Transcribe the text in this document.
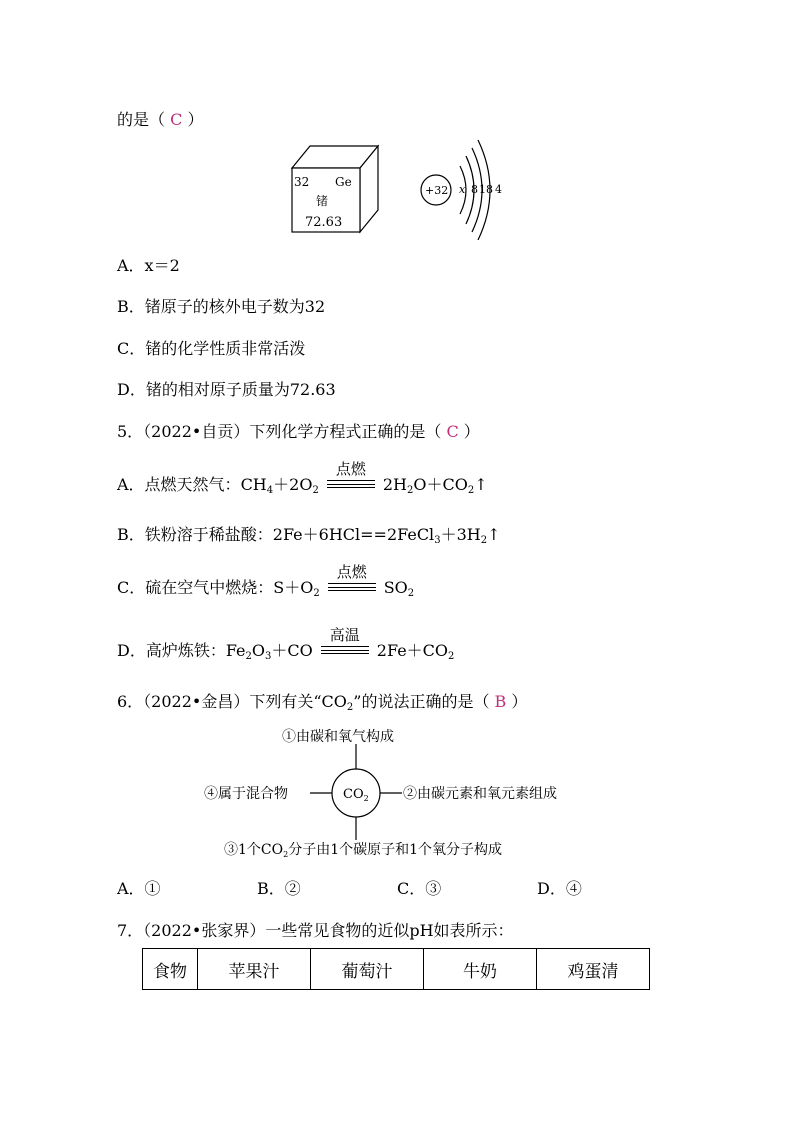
的是（ C ）
32 Ge
锗
72.63
+32 x 8 18 4
A．x＝2
B．锗原子的核外电子数为32
C．锗的化学性质非常活泼
D．锗的相对原子质量为72.63
5．（2022•自贡）下列化学方程式正确的是（ C ）
A．点燃天然气：$CH_4+2O_2$
点燃
$2H_2O+CO_2↑$
B．铁粉溶于稀盐酸：$2Fe+6HCl==2FeCl_3+3H_2↑$
C．硫在空气中燃烧：$S+O_2$
点燃
$SO_2$
D．高炉炼铁：$Fe_2O_3+CO$
高温
$2Fe+CO_2$
6．（2022•金昌）下列有关“$CO_2$”的说法正确的是（ B ）
$CO_2$
①由碳和氧气构成
②由碳元素和氧元素组成
③1个$CO_2$分子由1个碳原子和1个氧分子构成
④属于混合物
A．①	B．②	C．③	D．④
7．（2022•张家界）一些常见食物的近似pH如表所示：
食物	苹果汁	葡萄汁	牛奶	鸡蛋清
